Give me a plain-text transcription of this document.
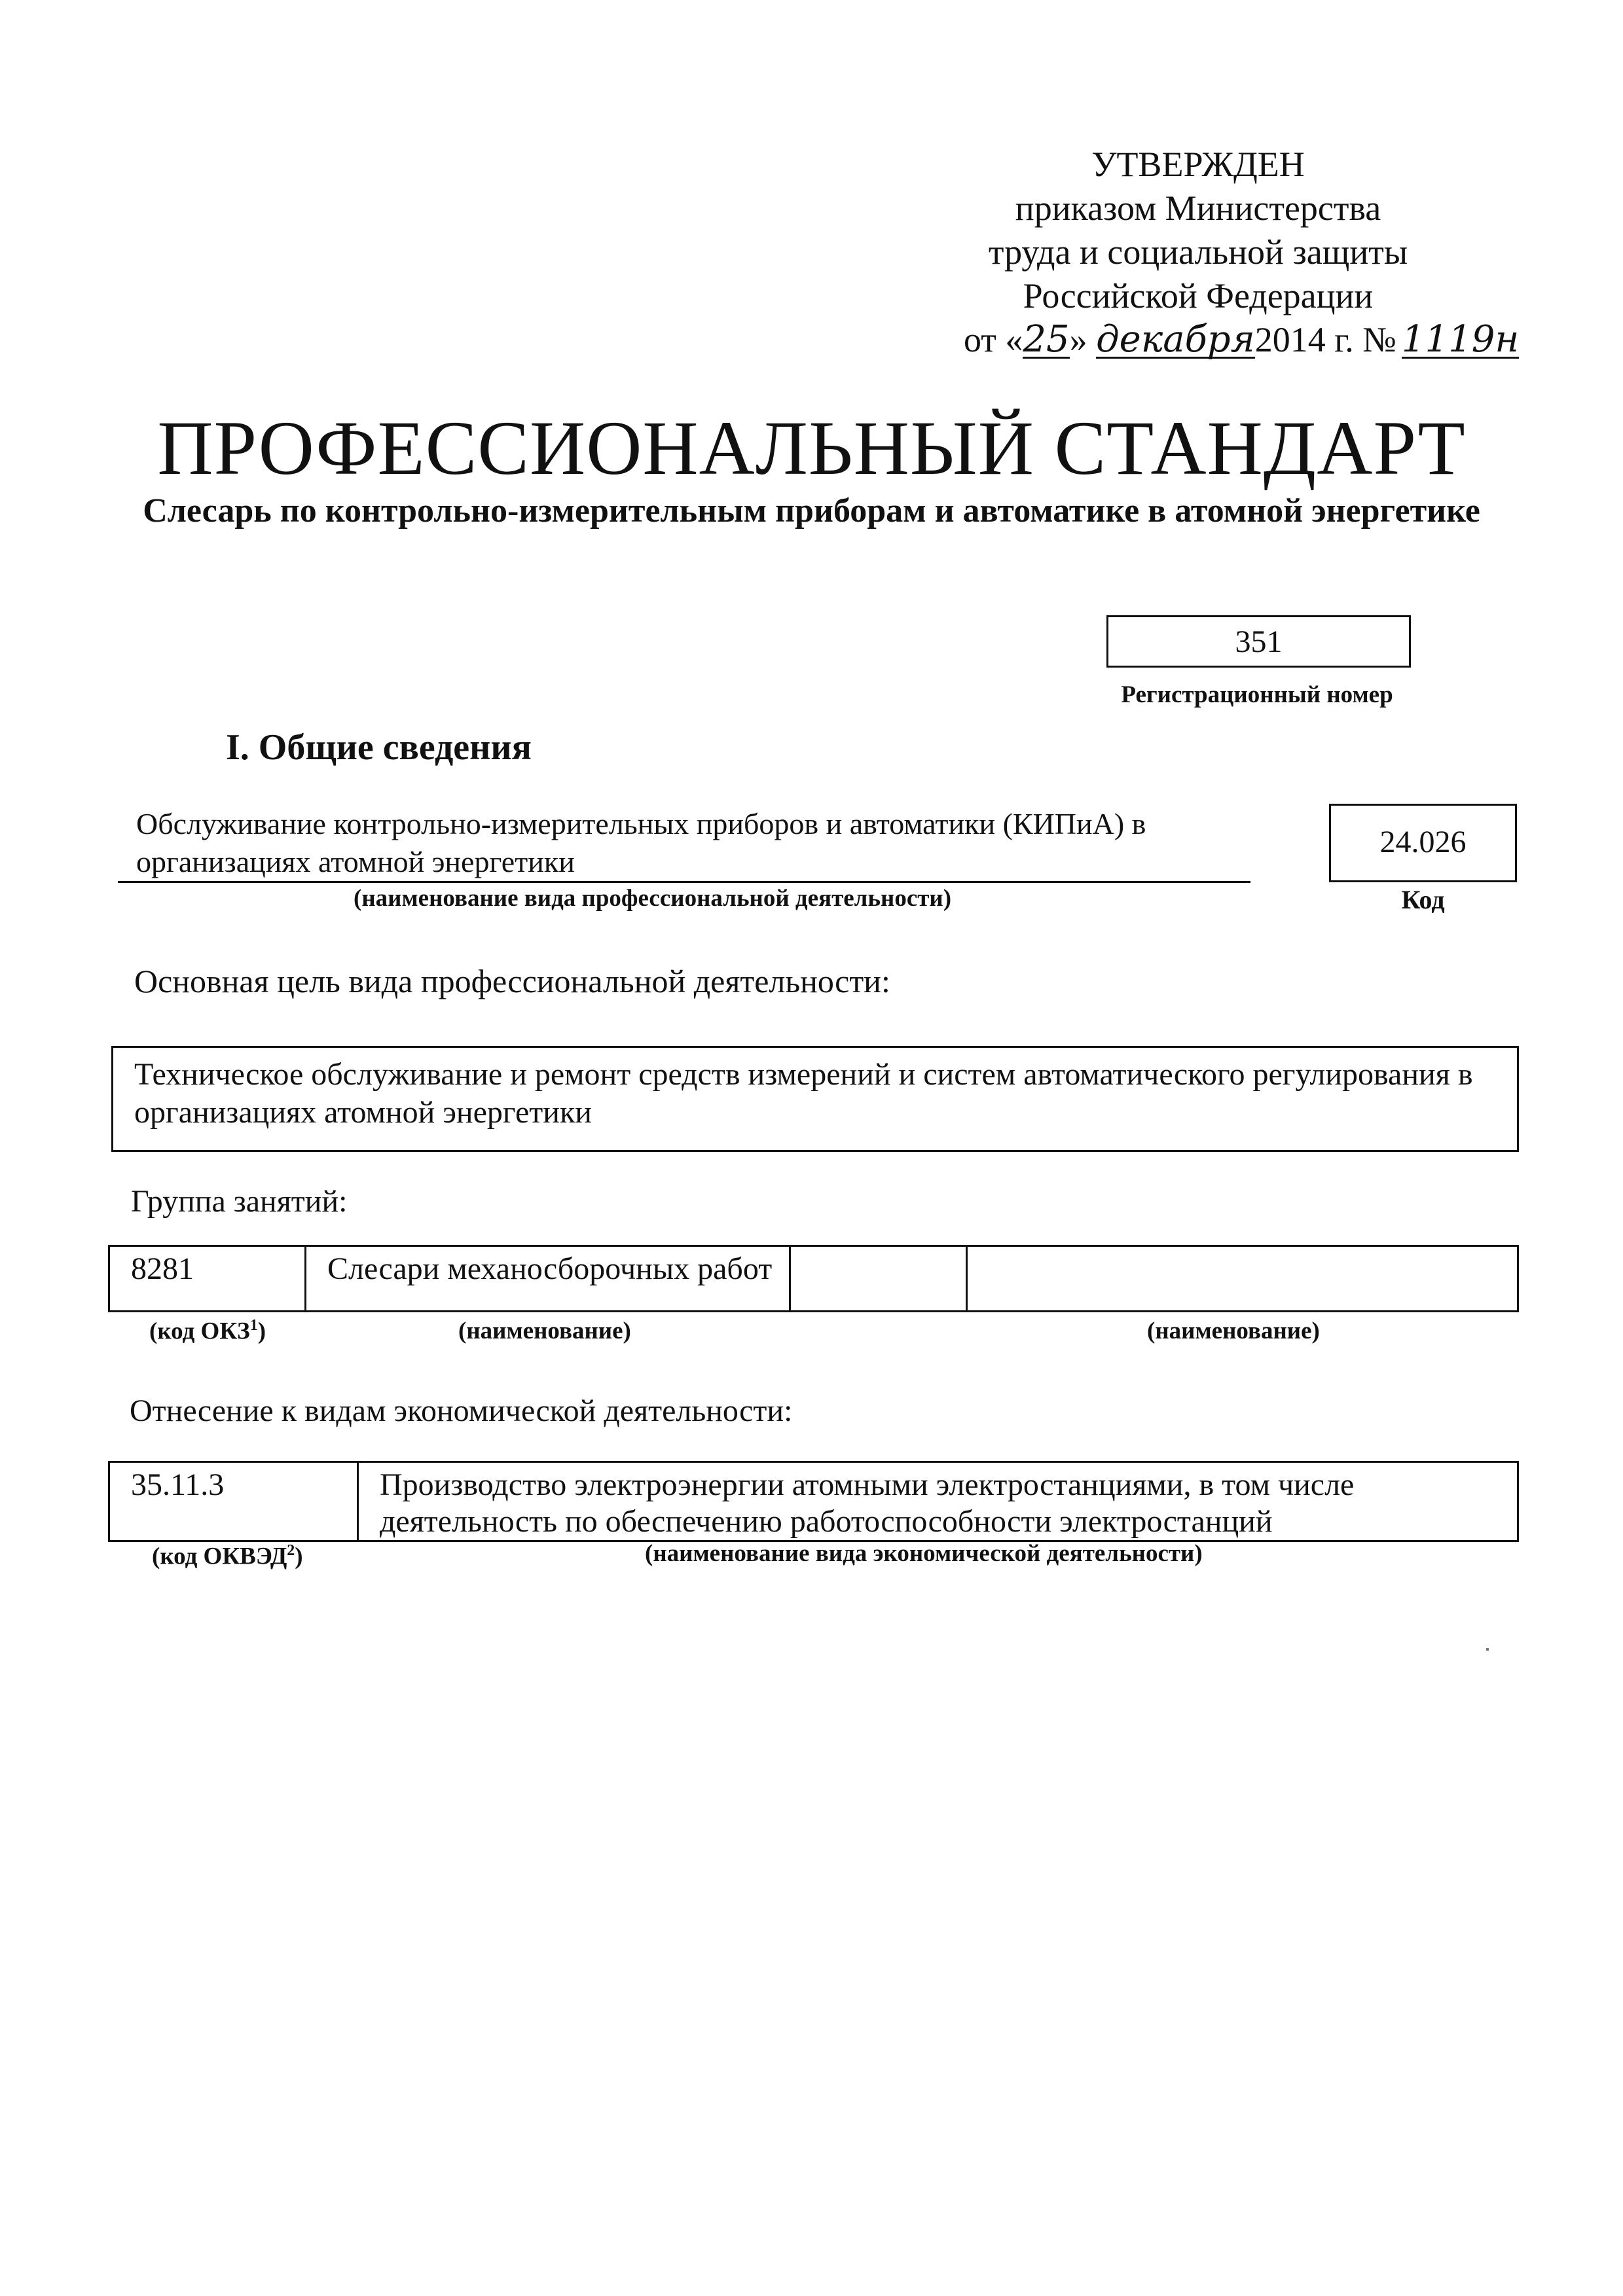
УТВЕРЖДЕН
приказом Министерства
труда и социальной защиты
Российской Федерации
от «25» декабря2014 г. № 1119н
ПРОФЕССИОНАЛЬНЫЙ СТАНДАРТ
Слесарь по контрольно-измерительным приборам и автоматике в атомной энергетике
351
Регистрационный номер
I. Общие сведения
Обслуживание контрольно-измерительных приборов и автоматики (КИПиА) в организациях атомной энергетики
(наименование вида профессиональной деятельности)
24.026
Код
Основная цель вида профессиональной деятельности:
Техническое обслуживание и ремонт средств измерений и систем автоматического регулирования в организациях атомной энергетики
Группа занятий:
8281	Слесари механосборочных работ		
(код ОКЗ$^1$)	(наименование)	(наименование)
Отнесение к видам экономической деятельности:
35.11.3	Производство электроэнергии атомными электростанциями, в том числе деятельность по обеспечению работоспособности электростанций
(код ОКВЭД$^2$)	(наименование вида экономической деятельности)
